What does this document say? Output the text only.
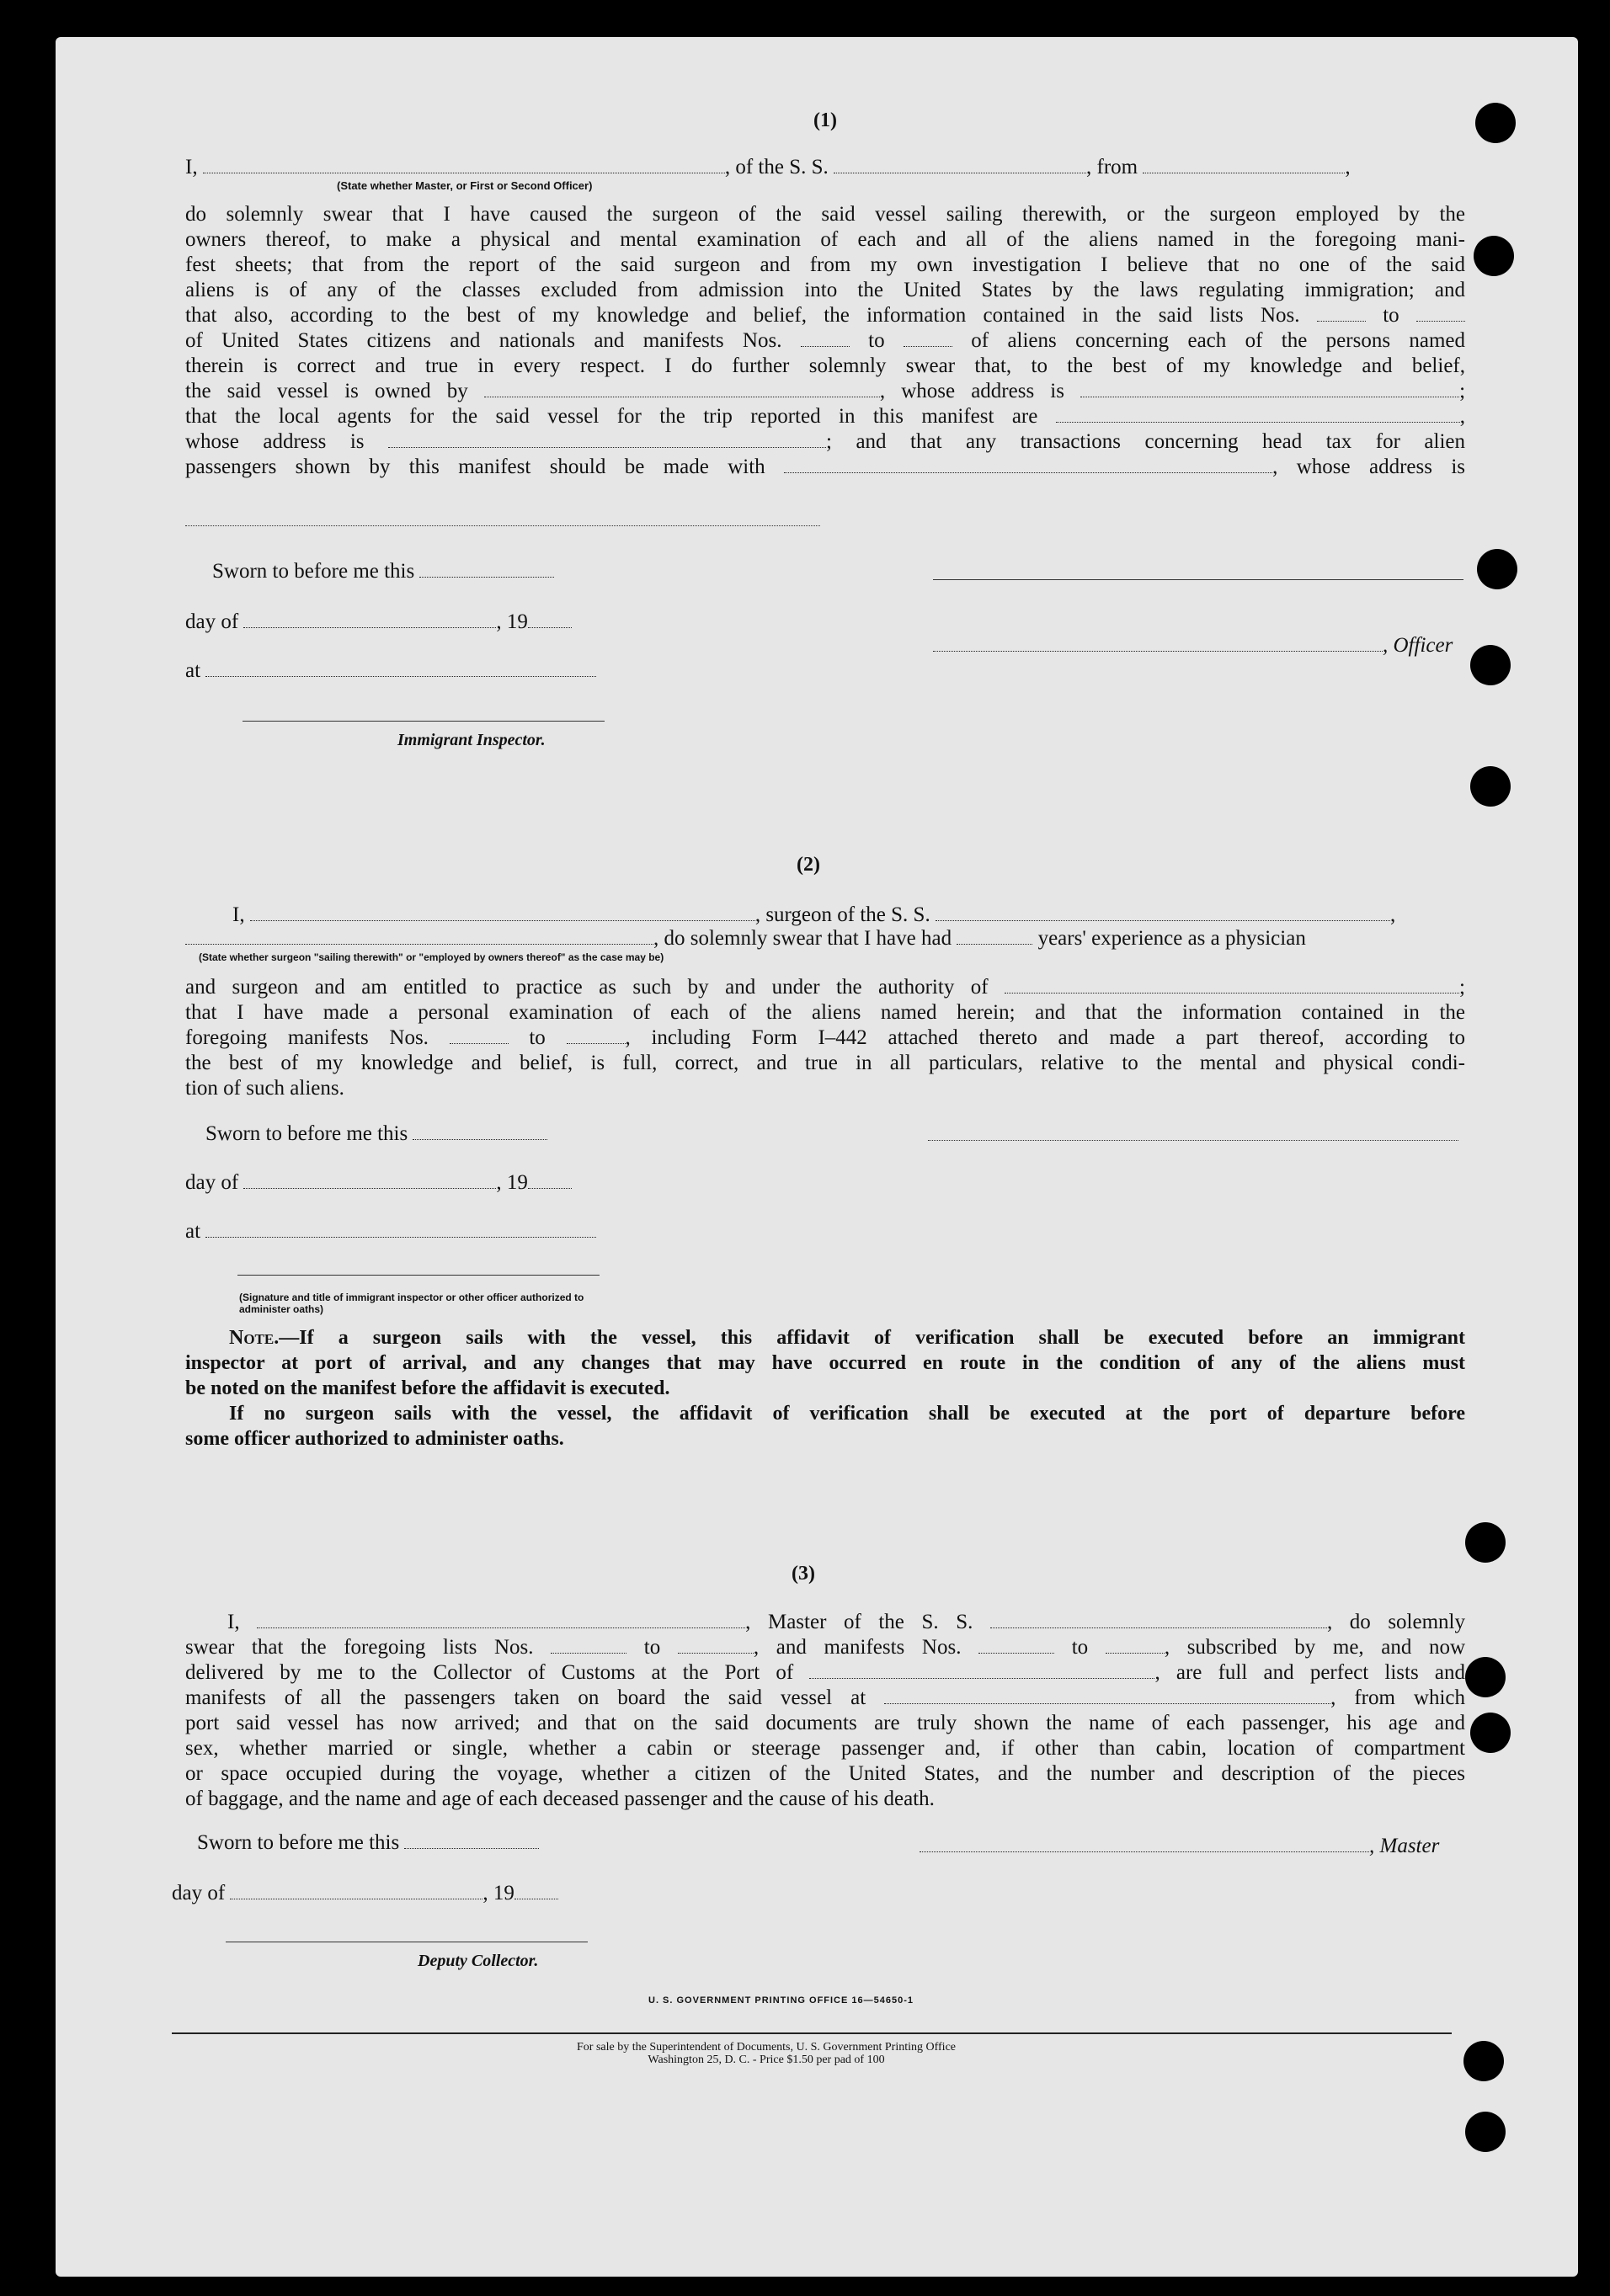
(1)
I,	, of the S. S.	, from	,
(State whether Master, or First or Second Officer)
do solemnly swear that I have caused the surgeon of the said vessel sailing therewith, or the surgeon employed by the
owners thereof, to make a physical and mental examination of each and all of the aliens named in the foregoing mani-
fest sheets; that from the report of the said surgeon and from my own investigation I believe that no one of the said
aliens is of any of the classes excluded from admission into the United States by the laws regulating immigration; and
that also, according to the best of my knowledge and belief, the information contained in the said lists Nos.	to
of United States citizens and nationals and manifests Nos.	to	of aliens concerning each of the persons named
therein is correct and true in every respect. I do further solemnly swear that, to the best of my knowledge and belief,
the said vessel is owned by	, whose address is	;
that the local agents for the said vessel for the trip reported in this manifest are	,
whose address is	; and that any transactions concerning head tax for alien
passengers shown by this manifest should be made with	, whose address is
Sworn to before me this
day of	, 19
, Officer
at
Immigrant Inspector.
(2)
I,	, surgeon of the S. S.	,
, do solemnly swear that I have had	years' experience as a physician
(State whether surgeon "sailing therewith" or "employed by owners thereof" as the case may be)
and surgeon and am entitled to practice as such by and under the authority of	;
that I have made a personal examination of each of the aliens named herein; and that the information contained in the
foregoing manifests Nos.	to	, including Form I–442 attached thereto and made a part thereof, according to
the best of my knowledge and belief, is full, correct, and true in all particulars, relative to the mental and physical condi-
tion of such aliens.
Sworn to before me this
day of	, 19
at
(Signature and title of immigrant inspector or other officer authorized to administer oaths)
Note.—If a surgeon sails with the vessel, this affidavit of verification shall be executed before an immigrant
inspector at port of arrival, and any changes that may have occurred en route in the condition of any of the aliens must
be noted on the manifest before the affidavit is executed.
If no surgeon sails with the vessel, the affidavit of verification shall be executed at the port of departure before
some officer authorized to administer oaths.
(3)
I,	, Master of the S. S.	, do solemnly
swear that the foregoing lists Nos.	to	, and manifests Nos.	to	, subscribed by me, and now
delivered by me to the Collector of Customs at the Port of	, are full and perfect lists and
manifests of all the passengers taken on board the said vessel at	, from which
port said vessel has now arrived; and that on the said documents are truly shown the name of each passenger, his age and
sex, whether married or single, whether a cabin or steerage passenger and, if other than cabin, location of compartment
or space occupied during the voyage, whether a citizen of the United States, and the number and description of the pieces
of baggage, and the name and age of each deceased passenger and the cause of his death.
Sworn to before me this	, Master
day of	, 19
Deputy Collector.
U. S. GOVERNMENT PRINTING OFFICE 16—54650-1
For sale by the Superintendent of Documents, U. S. Government Printing Office
Washington 25, D. C. - Price $1.50 per pad of 100
